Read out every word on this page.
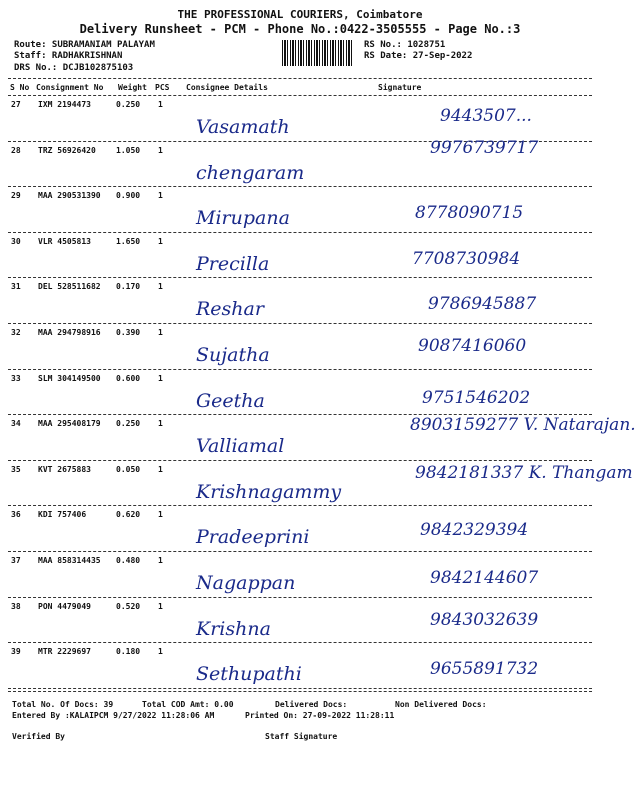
THE PROFESSIONAL COURIERS, Coimbatore
Delivery Runsheet - PCM - Phone No.:0422-3505555 - Page No.:3
Route: SUBRAMANIAM PALAYAM
Staff: RADHAKRISHNAN
DRS No.: DCJB102875103
RS No.: 1028751
RS Date: 27-Sep-2022
S No Consignment No Weight PCS Consignee Details	Signature
27 IXM 2194473	0.250 1
Vasamath	9443507...
28 TRZ 56926420	1.050 1
chengaram
9976739717
29 MAA 290531390 0.900 1
Mirupana	8778090715
30 VLR 4505813	1.650 1
Precilla	7708730984
31 DEL 528511682 0.170 1
Reshar	9786945887
32 MAA 294798916 0.390 1
Sujatha	9087416060
33 SLM 304149500 0.600 1
Geetha	9751546202
34 MAA 295408179 0.250 1
Valliamal
8903159277 V. Natarajan.
35 KVT 2675883	0.050 1
Krishnagammy
9842181337 K. Thangam
36 KDI 757406	0.620 1
Pradeeprini	9842329394
37 MAA 858314435 0.480 1
Nagappan	9842144607
38 PON 4479049	0.520 1
Krishna	9843032639
39 MTR 2229697	0.180 1
Sethupathi	9655891732
Total No. Of Docs: 39	Total COD Amt: 0.00	Delivered Docs:	Non Delivered Docs:
Entered By :KALAIPCM 9/27/2022 11:28:06 AM	Printed On: 27-09-2022 11:28:11
Verified By	Staff Signature
